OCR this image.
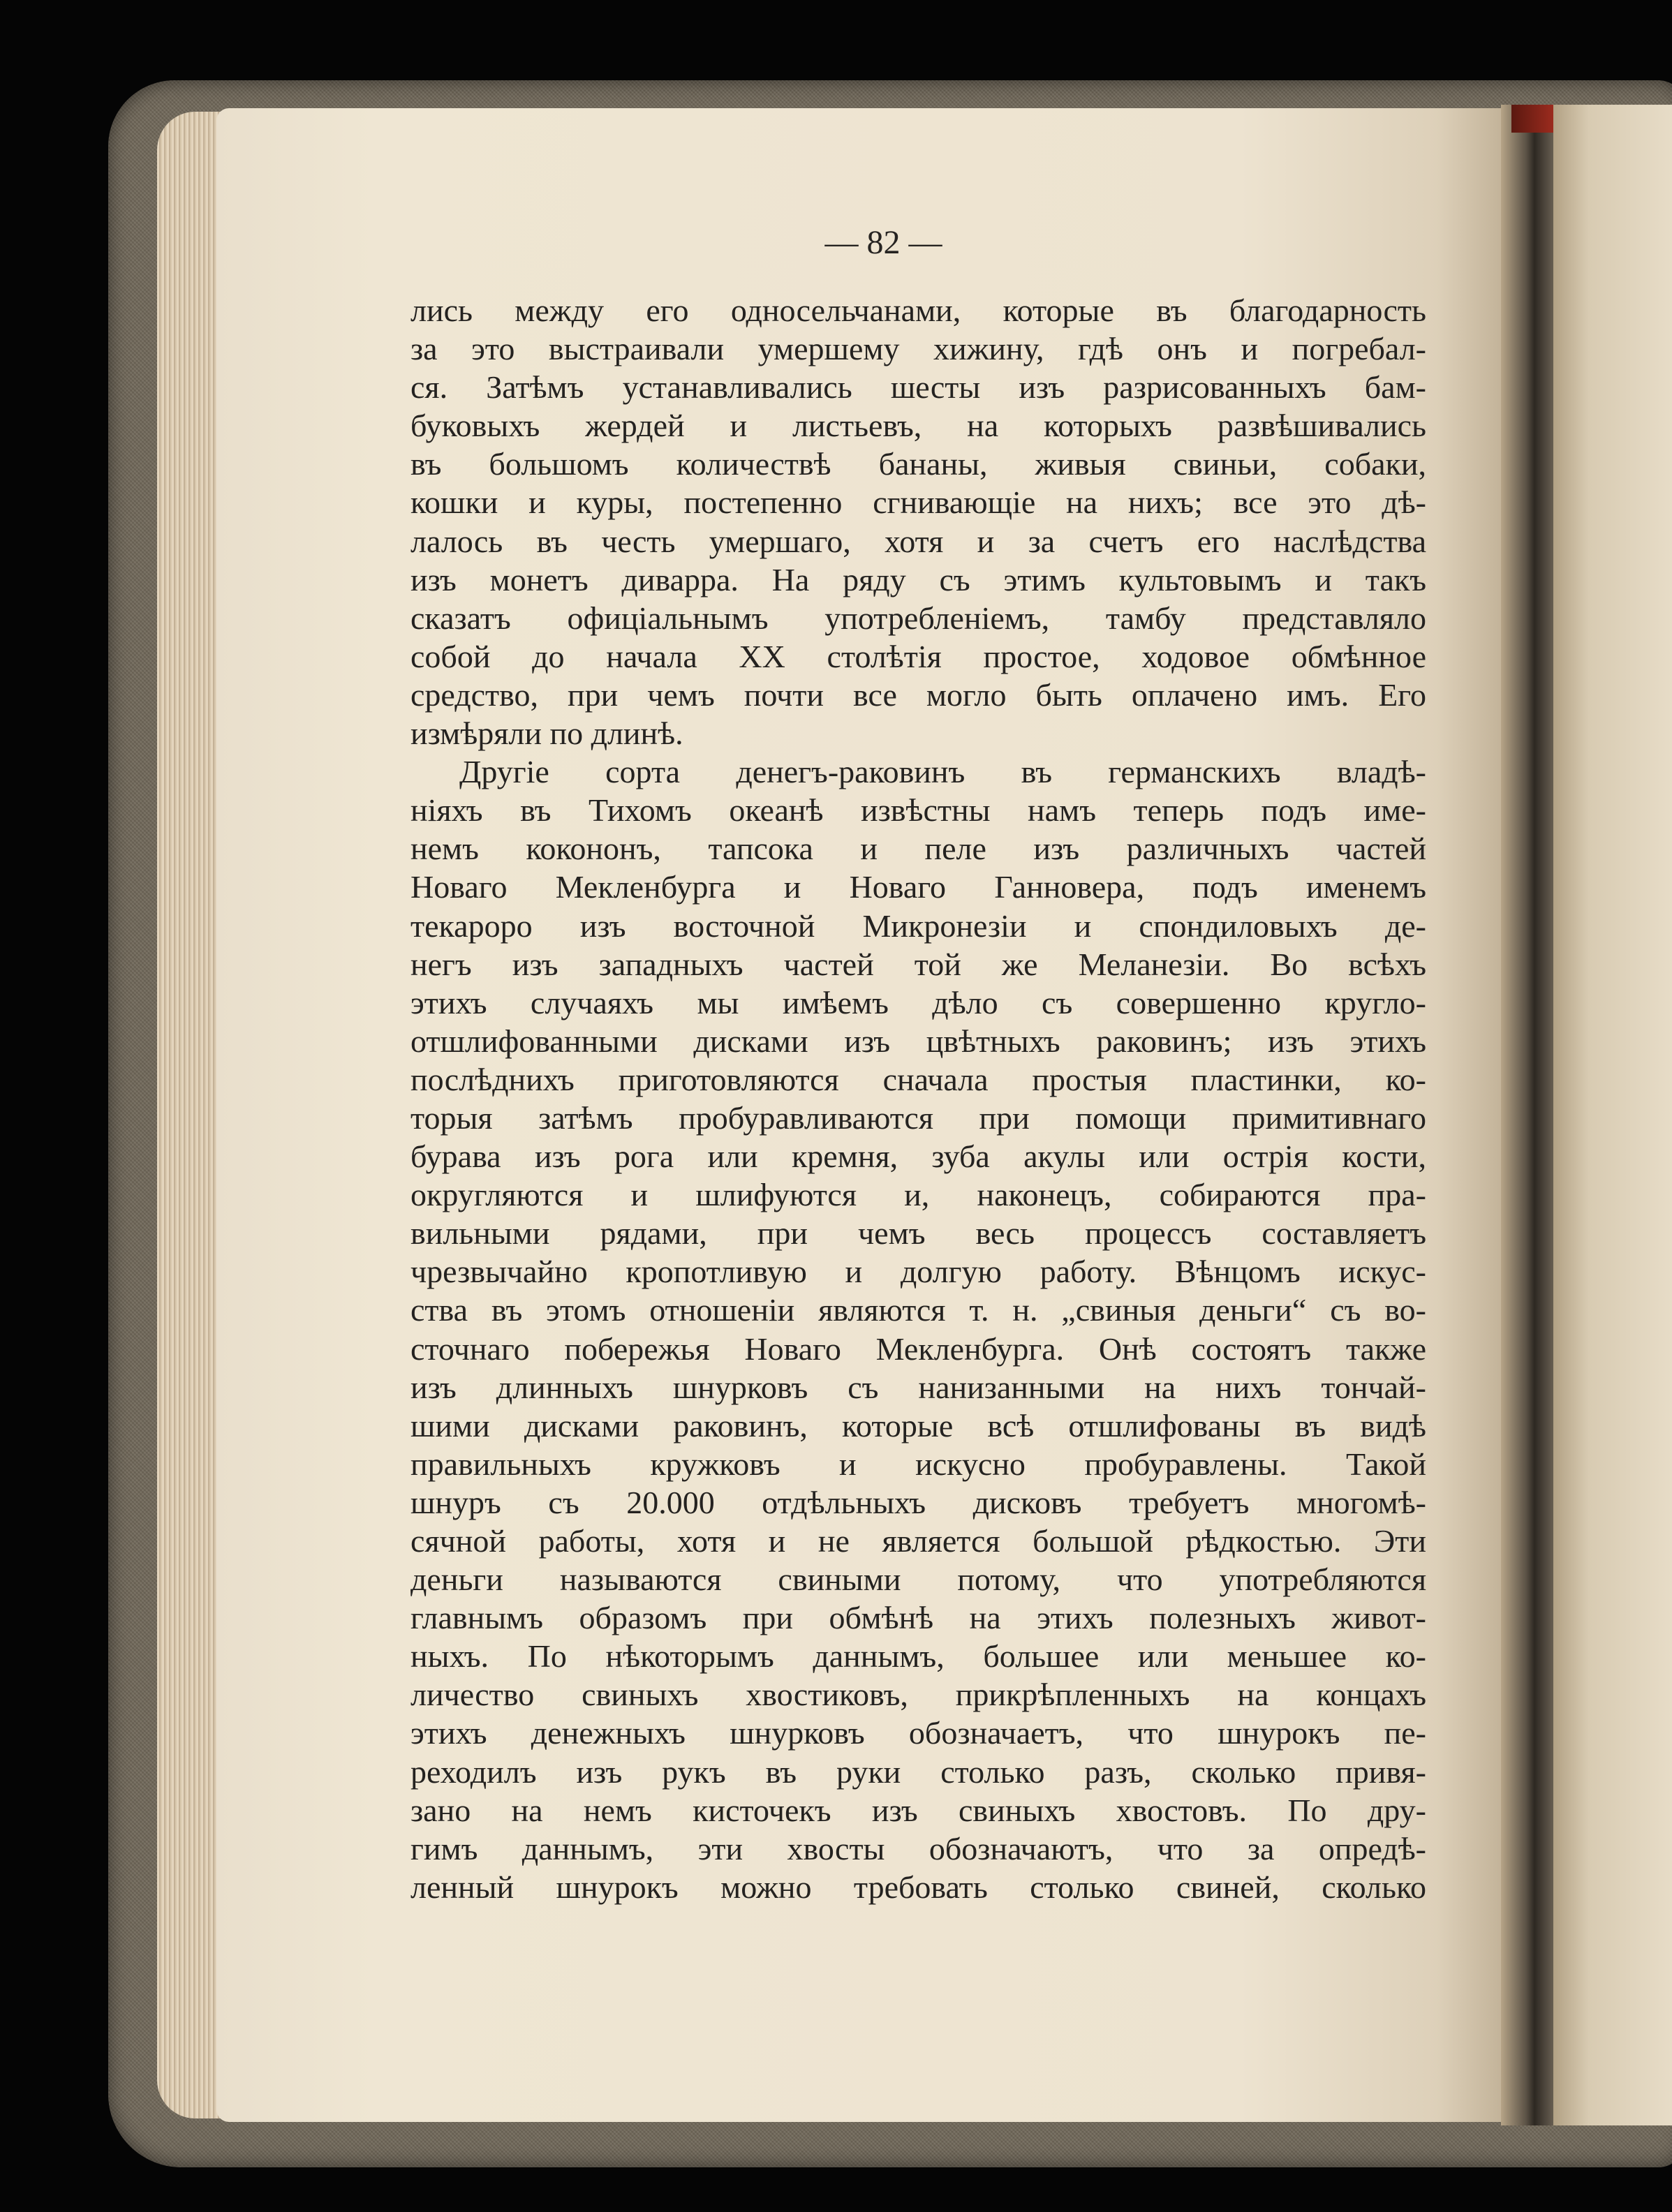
— 82 —
лись между его односельчанами, которые въ благодарность
за это выстраивали умершему хижину, гдѣ онъ и погребал-
ся. Затѣмъ устанавливались шесты изъ разрисованныхъ бам-
буковыхъ жердей и листьевъ, на которыхъ развѣшивались
въ большомъ количествѣ бананы, живыя свиньи, собаки,
кошки и куры, постепенно сгнивающіе на нихъ; все это дѣ-
лалось въ честь умершаго, хотя и за счетъ его наслѣдства
изъ монетъ диварра. На ряду съ этимъ культовымъ и такъ
сказатъ офиціальнымъ употребленіемъ, тамбу представляло
собой до начала XX столѣтія простое, ходовое обмѣнное
средство, при чемъ почти все могло быть оплачено имъ. Его
измѣряли по длинѣ.
Другіе сорта денегъ-раковинъ въ германскихъ владѣ-
ніяхъ въ Тихомъ океанѣ извѣстны намъ теперь подъ име-
немъ кокононъ, тапсока и пеле изъ различныхъ частей
Новаго Мекленбурга и Новаго Ганновера, подъ именемъ
текароро изъ восточной Микронезіи и спондиловыхъ де-
негъ изъ западныхъ частей той же Меланезіи. Во всѣхъ
этихъ случаяхъ мы имѣемъ дѣло съ совершенно кругло-
отшлифованными дисками изъ цвѣтныхъ раковинъ; изъ этихъ
послѣднихъ приготовляются сначала простыя пластинки, ко-
торыя затѣмъ пробуравливаются при помощи примитивнаго
бурава изъ рога или кремня, зуба акулы или острія кости,
округляются и шлифуются и, наконецъ, собираются пра-
вильными рядами, при чемъ весь процессъ составляетъ
чрезвычайно кропотливую и долгую работу. Вѣнцомъ искус-
ства въ этомъ отношеніи являются т. н. „свиныя деньги“ съ во-
сточнаго побережья Новаго Мекленбурга. Онѣ состоятъ также
изъ длинныхъ шнурковъ съ нанизанными на нихъ тончай-
шими дисками раковинъ, которые всѣ отшлифованы въ видѣ
правильныхъ кружковъ и искусно пробуравлены. Такой
шнуръ съ 20.000 отдѣльныхъ дисковъ требуетъ многомѣ-
сячной работы, хотя и не является большой рѣдкостью. Эти
деньги называются свиными потому, что употребляются
главнымъ образомъ при обмѣнѣ на этихъ полезныхъ живот-
ныхъ. По нѣкоторымъ даннымъ, большее или меньшее ко-
личество свиныхъ хвостиковъ, прикрѣпленныхъ на концахъ
этихъ денежныхъ шнурковъ обозначаетъ, что шнурокъ пе-
реходилъ изъ рукъ въ руки столько разъ, сколько привя-
зано на немъ кисточекъ изъ свиныхъ хвостовъ. По дру-
гимъ даннымъ, эти хвосты обозначаютъ, что за опредѣ-
ленный шнурокъ можно требовать столько свиней, сколько
